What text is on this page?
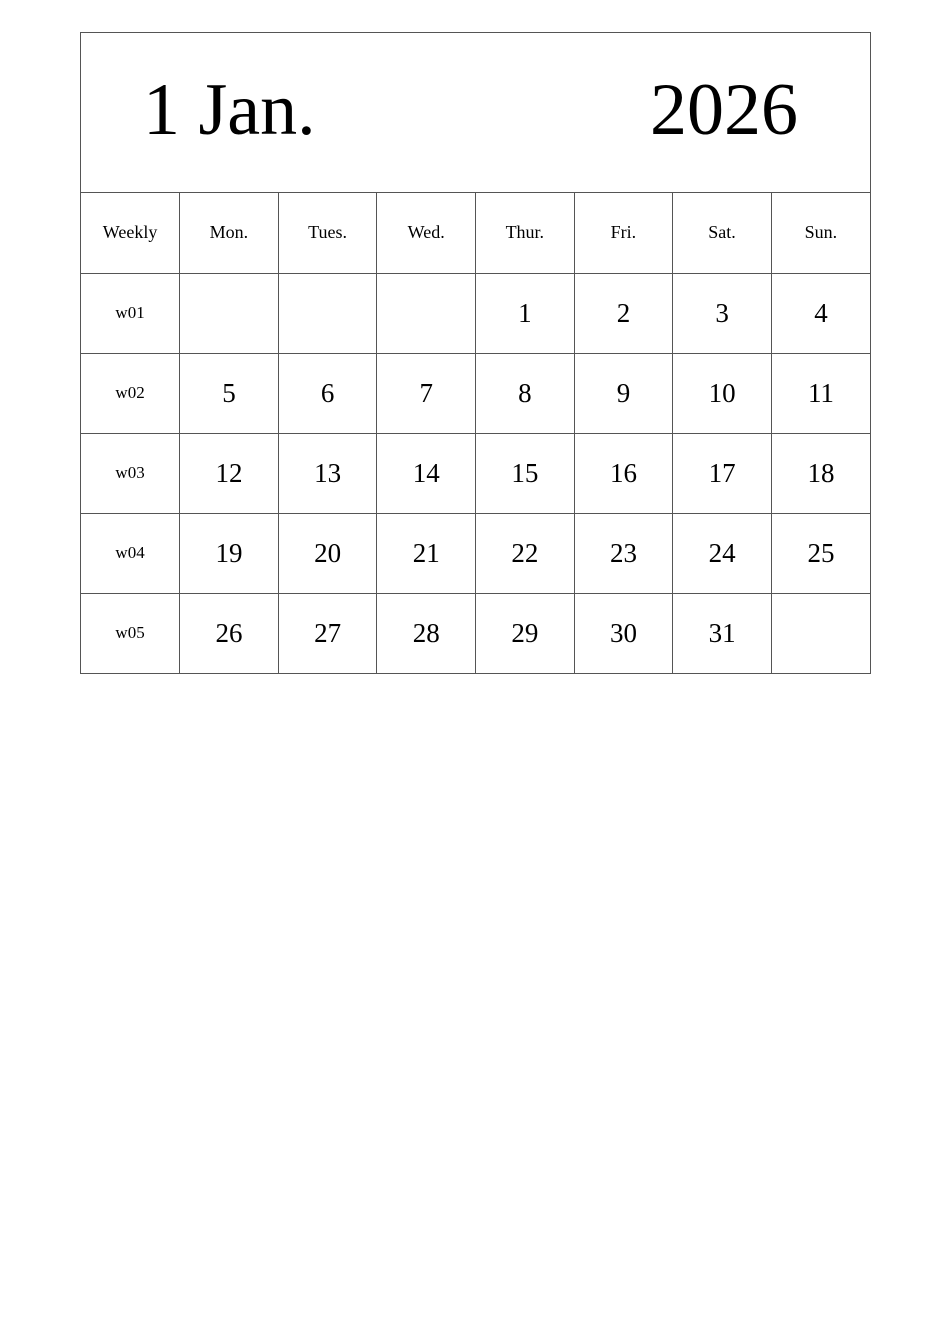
1 Jan.	2026
Weekly	Mon.	Tues.	Wed.	Thur.	Fri.	Sat.	Sun.
w01				1	2	3	4
w02	5	6	7	8	9	10	11
w03	12	13	14	15	16	17	18
w04	19	20	21	22	23	24	25
w05	26	27	28	29	30	31	
